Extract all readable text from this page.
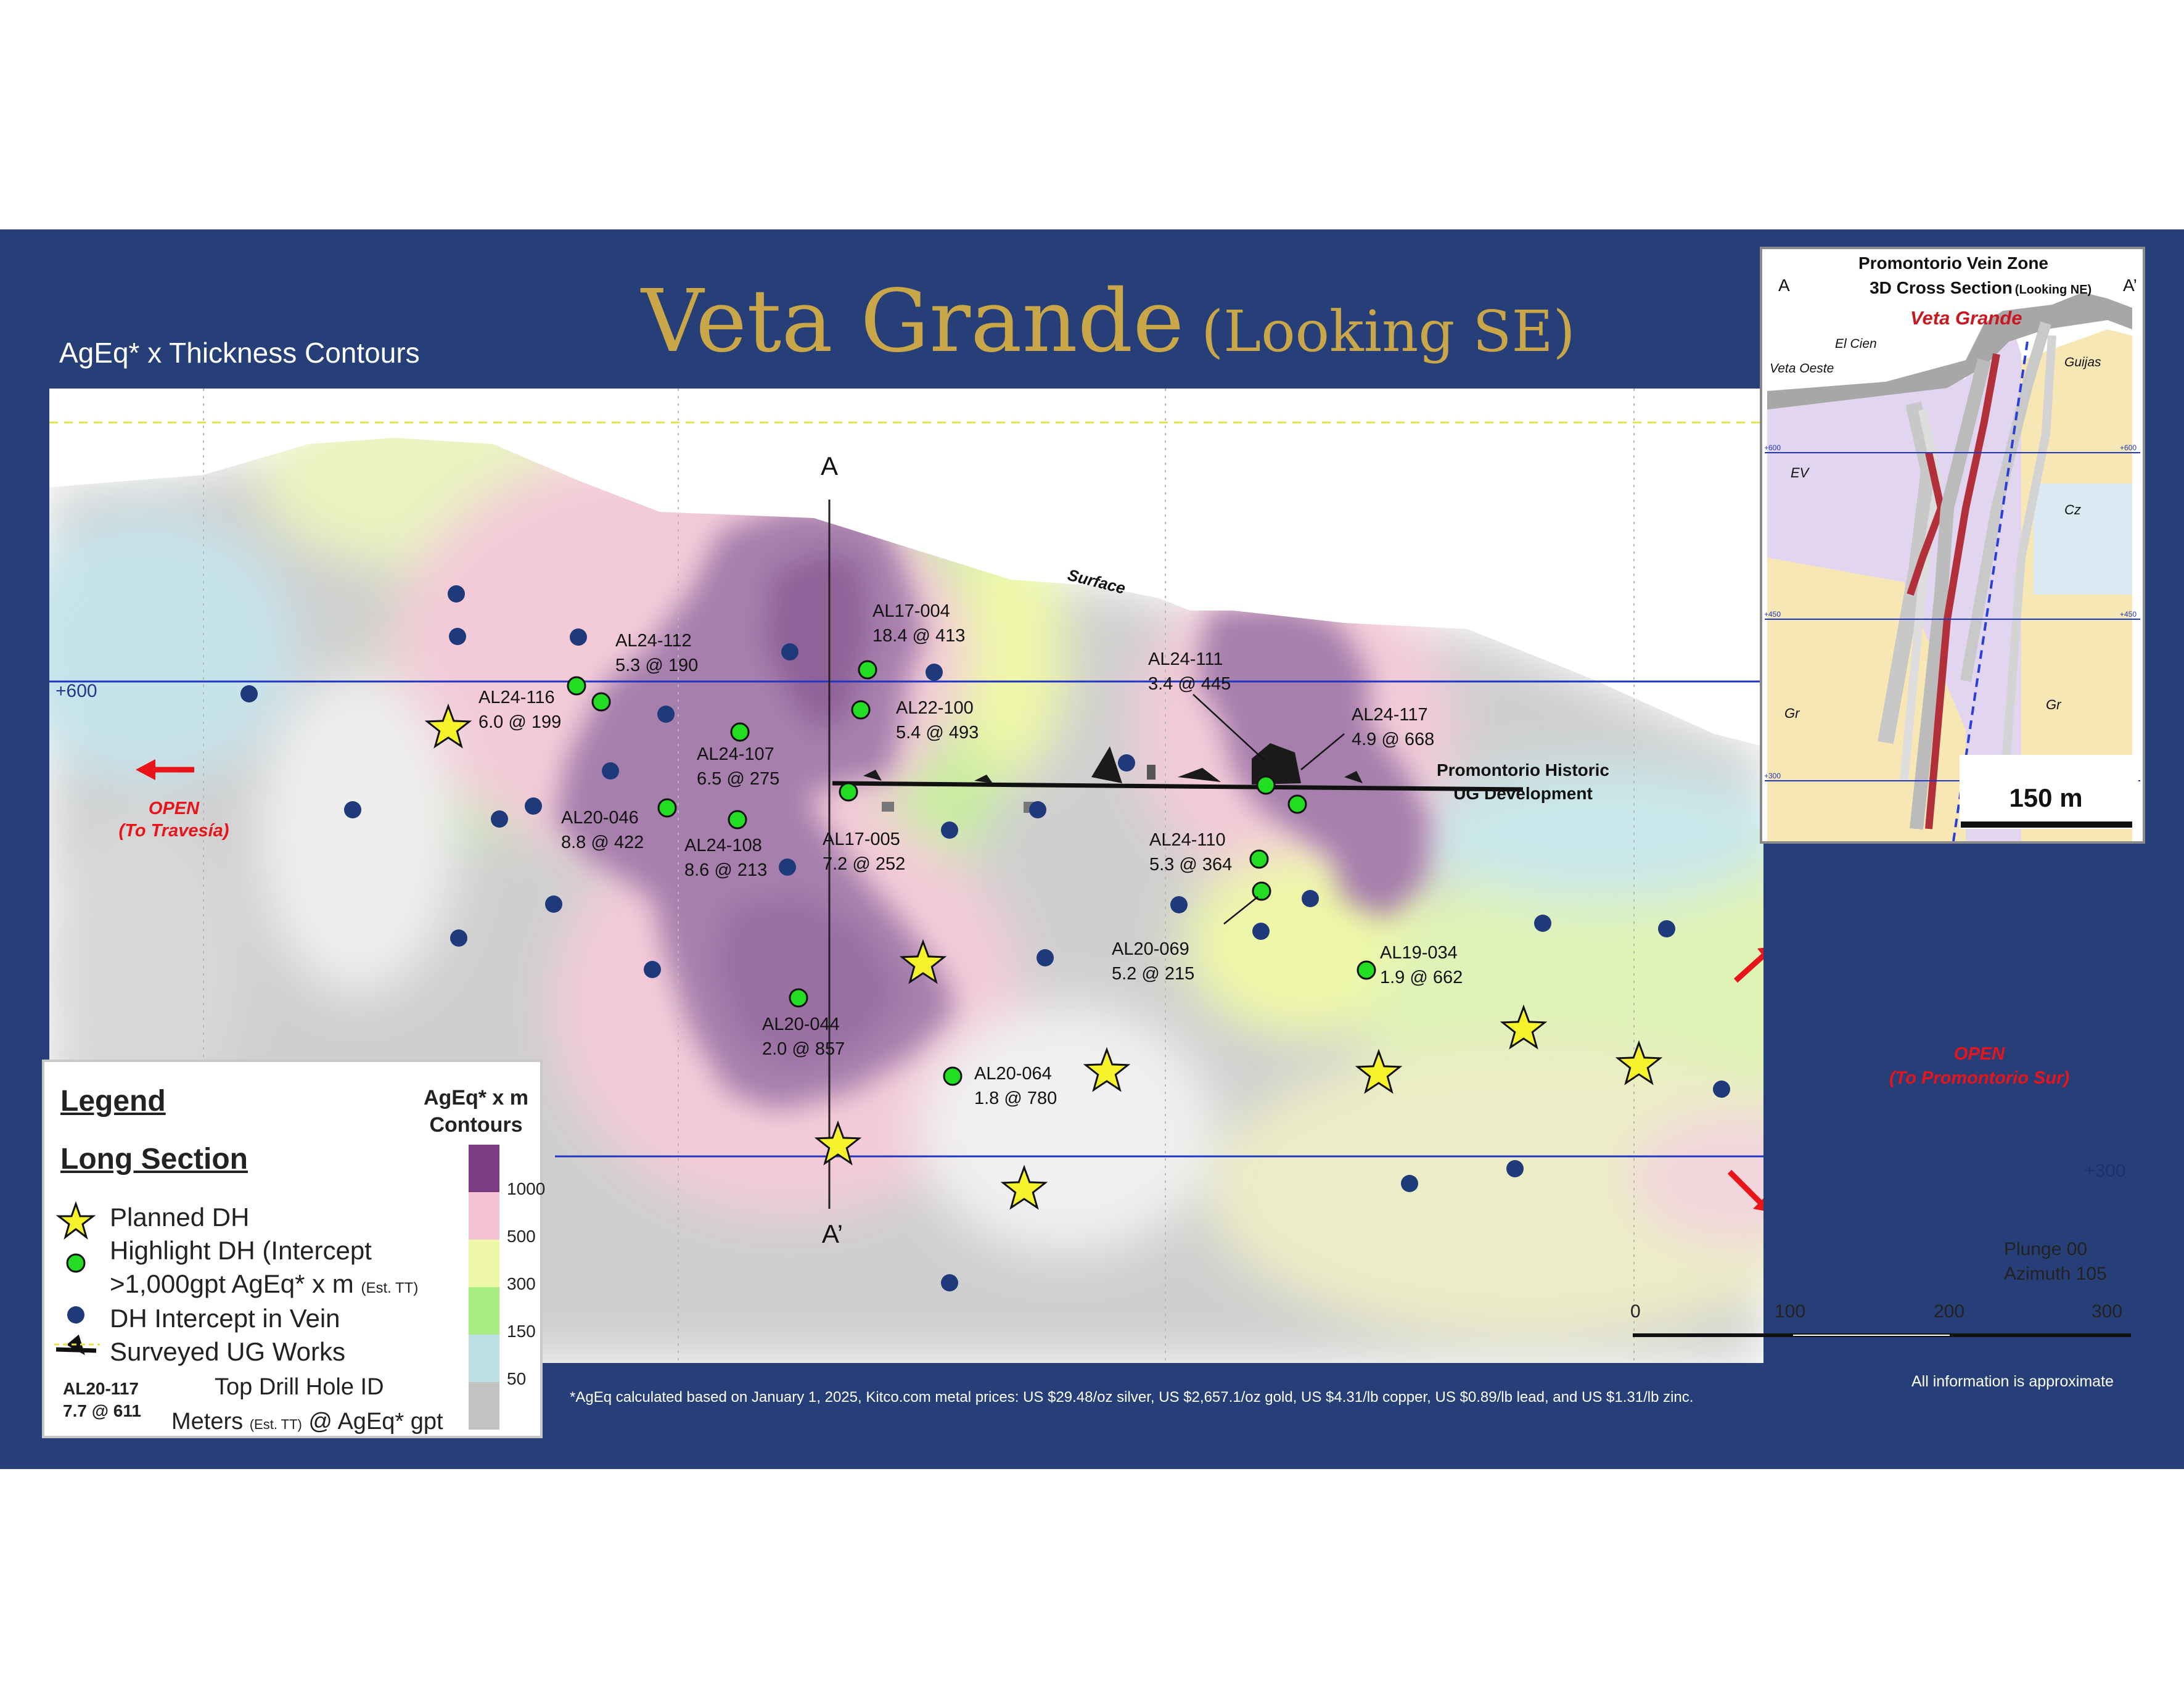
Veta Grande (Looking SE)
AgEq* x Thickness Contours
AL24-112
5.3 @ 190
AL24-116
6.0 @ 199
AL24-107
6.5 @ 275
AL20-046
8.8 @ 422 AL24-108
8.6 @ 213
AL17-004
18.4 @ 413
AL22-100
5.4 @ 493
AL17-005
7.2 @ 252
AL24-111
3.4 @ 445
AL24-117
4.9 @ 668
AL24-110
5.3 @ 364
AL20-069
5.2 @ 215
AL19-034
1.9 @ 662
AL20-044
2.0 @ 857
AL20-064
1.8 @ 780
A
A’
+600
Surface
Promontorio Historic
UG Development
OPEN
(To Travesía)
OPEN
(To Promontorio Sur)
+300
Plunge 00
Azimuth 105
0	100	200	300
+600
+450
+300
+600
+450
Promontorio Vein Zone
3D Cross Section (Looking NE)
A	A’
Veta Grande
El Cien
Veta Oeste	Guijas
EV
Cz
Gr
Gr
150 m
Legend
Long Section
AgEq* x m
Contours
Planned DH
Highlight DH (Intercept
>1,000gpt AgEq* x m (Est. TT)
DH Intercept in Vein
Surveyed UG Works
AL20-117
7.7 @ 611
Top Drill Hole ID
Meters (Est. TT) @ AgEq* gpt
1000
500
300
150
50
*AgEq calculated based on January 1, 2025, Kitco.com metal prices: US $29.48/oz silver, US $2,657.1/oz gold, US $4.31/lb copper, US $0.89/lb lead, and US $1.31/lb zinc.
All information is approximate
